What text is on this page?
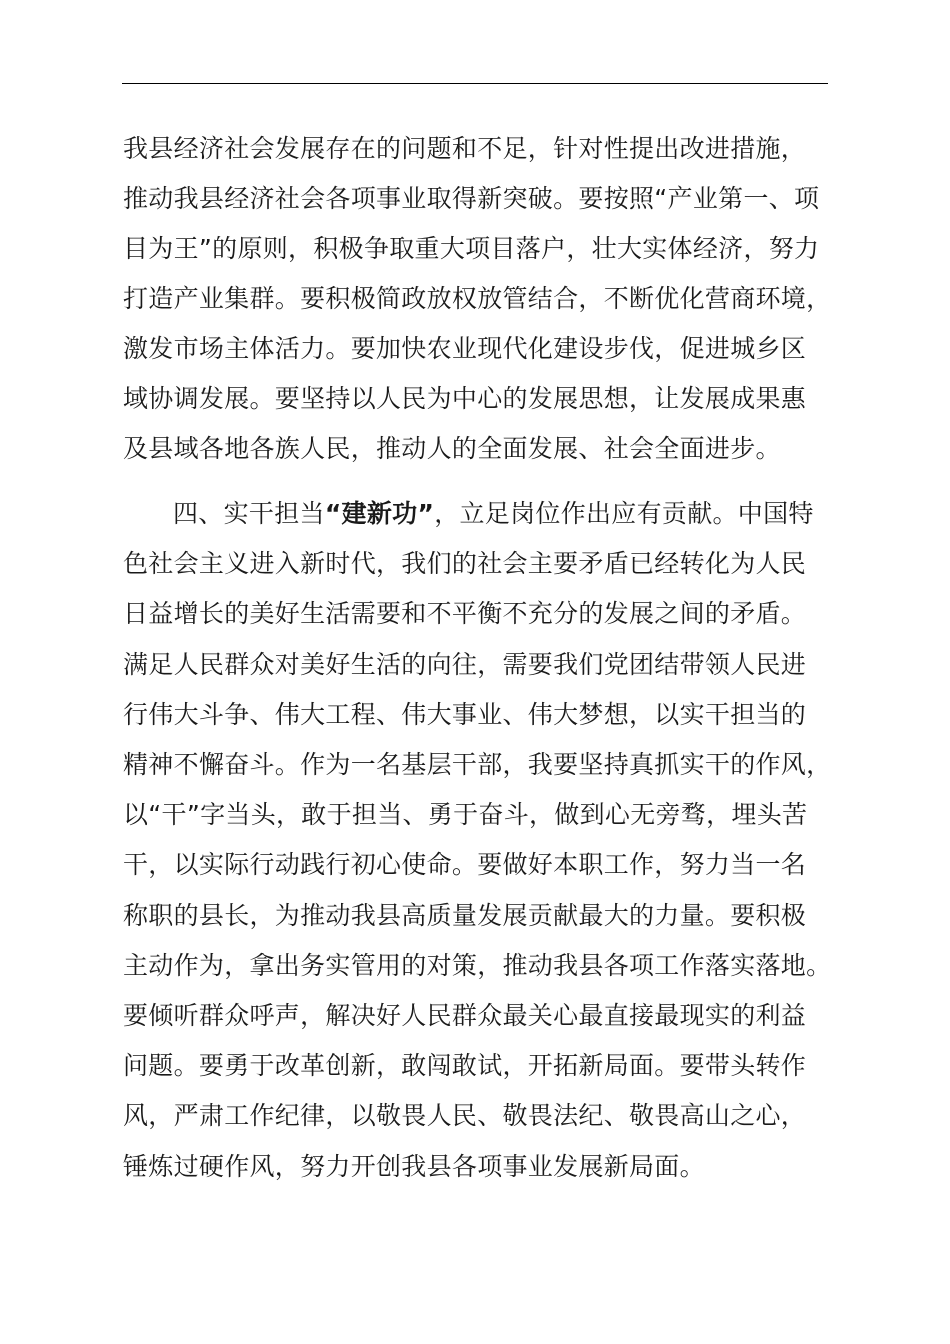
我县经济社会发展存在的问题和不足，针对性提出改进措施，
推动我县经济社会各项事业取得新突破。要按照“产业第一、项
目为王”的原则，积极争取重大项目落户，壮大实体经济，努力
打造产业集群。要积极简政放权放管结合，不断优化营商环境，
激发市场主体活力。要加快农业现代化建设步伐，促进城乡区
域协调发展。要坚持以人民为中心的发展思想，让发展成果惠
及县域各地各族人民，推动人的全面发展、社会全面进步。

四、实干担当“建新功”，立足岗位作出应有贡献。中国特
色社会主义进入新时代，我们的社会主要矛盾已经转化为人民
日益增长的美好生活需要和不平衡不充分的发展之间的矛盾。
满足人民群众对美好生活的向往，需要我们党团结带领人民进
行伟大斗争、伟大工程、伟大事业、伟大梦想，以实干担当的
精神不懈奋斗。作为一名基层干部，我要坚持真抓实干的作风，
以“干”字当头，敢于担当、勇于奋斗，做到心无旁骛，埋头苦
干，以实际行动践行初心使命。要做好本职工作，努力当一名
称职的县长，为推动我县高质量发展贡献最大的力量。要积极
主动作为，拿出务实管用的对策，推动我县各项工作落实落地。
要倾听群众呼声，解决好人民群众最关心最直接最现实的利益
问题。要勇于改革创新，敢闯敢试，开拓新局面。要带头转作
风，严肃工作纪律，以敬畏人民、敬畏法纪、敬畏高山之心，
锤炼过硬作风，努力开创我县各项事业发展新局面。
